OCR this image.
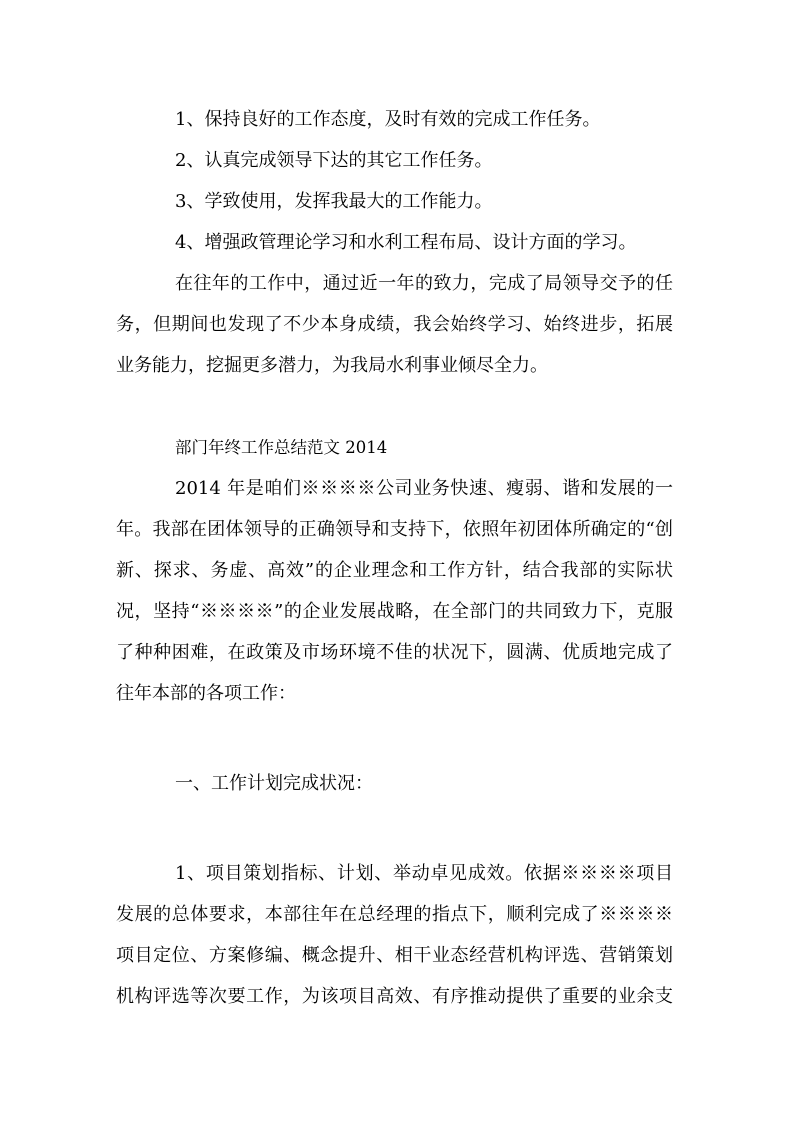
1、保持良好的工作态度，及时有效的完成工作任务。
2、认真完成领导下达的其它工作任务。
3、学致使用，发挥我最大的工作能力。
4、增强政管理论学习和水利工程布局、设计方面的学习。
在往年的工作中，通过近一年的致力，完成了局领导交予的任
务，但期间也发现了不少本身成绩，我会始终学习、始终进步，拓展
业务能力，挖掘更多潜力，为我局水利事业倾尽全力。
部门年终工作总结范文 2014
2014 年是咱们※※※※公司业务快速、瘦弱、谐和发展的一
年。我部在团体领导的正确领导和支持下，依照年初团体所确定的“创
新、探求、务虚、高效”的企业理念和工作方针，结合我部的实际状
况，坚持“※※※※”的企业发展战略，在全部门的共同致力下，克服
了种种困难，在政策及市场环境不佳的状况下，圆满、优质地完成了
往年本部的各项工作：
一、工作计划完成状况：
1、项目策划指标、计划、举动卓见成效。依据※※※※项目
发展的总体要求，本部往年在总经理的指点下，顺利完成了※※※※
项目定位、方案修编、概念提升、相干业态经营机构评选、营销策划
机构评选等次要工作，为该项目高效、有序推动提供了重要的业余支
